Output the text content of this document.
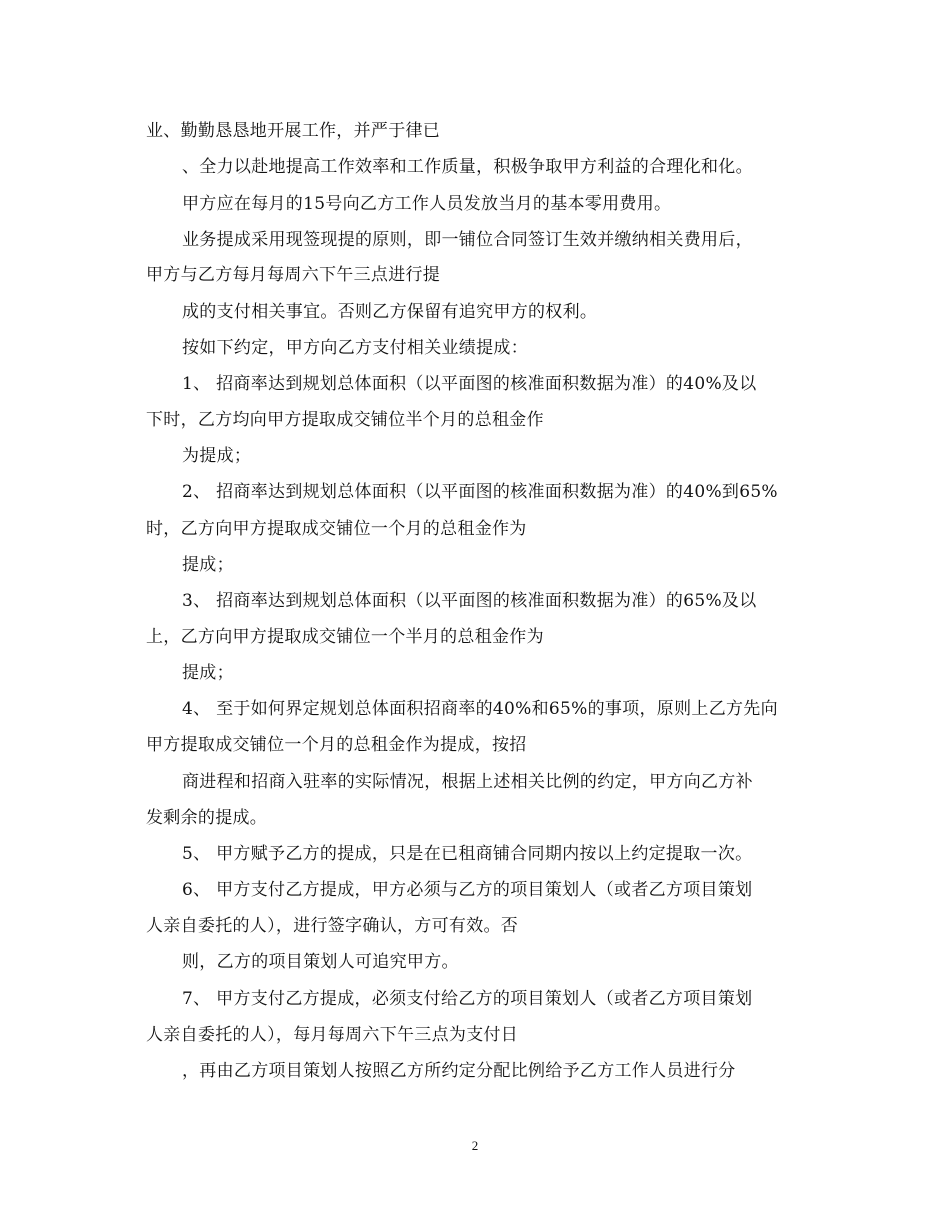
业、勤勤恳恳地开展工作，并严于律已
、全力以赴地提高工作效率和工作质量，积极争取甲方利益的合理化和化。
甲方应在每月的15号向乙方工作人员发放当月的基本零用费用。
业务提成采用现签现提的原则，即一铺位合同签订生效并缴纳相关费用后，
甲方与乙方每月每周六下午三点进行提
成的支付相关事宜。否则乙方保留有追究甲方的权利。
按如下约定，甲方向乙方支付相关业绩提成：
1、 招商率达到规划总体面积（以平面图的核准面积数据为准）的40%及以
下时，乙方均向甲方提取成交铺位半个月的总租金作
为提成；
2、 招商率达到规划总体面积（以平面图的核准面积数据为准）的40%到65%
时，乙方向甲方提取成交铺位一个月的总租金作为
提成；
3、 招商率达到规划总体面积（以平面图的核准面积数据为准）的65%及以
上，乙方向甲方提取成交铺位一个半月的总租金作为
提成；
4、 至于如何界定规划总体面积招商率的40%和65%的事项，原则上乙方先向
甲方提取成交铺位一个月的总租金作为提成，按招
商进程和招商入驻率的实际情况，根据上述相关比例的约定，甲方向乙方补
发剩余的提成。
5、 甲方赋予乙方的提成，只是在已租商铺合同期内按以上约定提取一次。
6、 甲方支付乙方提成，甲方必须与乙方的项目策划人（或者乙方项目策划
人亲自委托的人），进行签字确认，方可有效。否
则，乙方的项目策划人可追究甲方。
7、 甲方支付乙方提成，必须支付给乙方的项目策划人（或者乙方项目策划
人亲自委托的人），每月每周六下午三点为支付日
，再由乙方项目策划人按照乙方所约定分配比例给予乙方工作人员进行分
2
